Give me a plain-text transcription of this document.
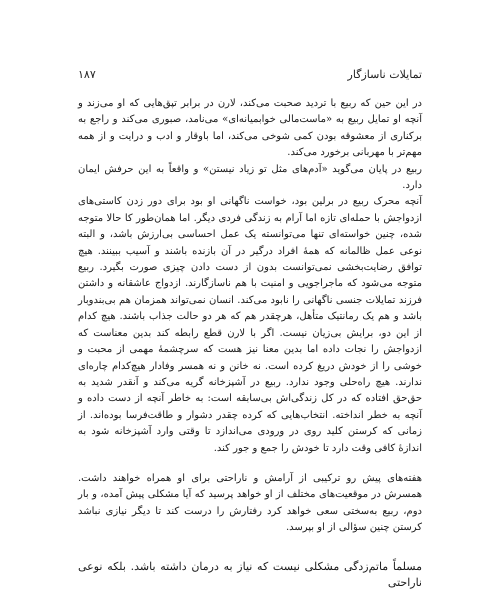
تمایلات ناسازگار
۱۸۷

در این حین که ربیع با تردید صحبت می‌کند، لارن در برابر تپق‌هایی که او می‌زند و آنچه او تمایل ربیع به «ماست‌مالی خوابمیانه‌ای» می‌نامد، صبوری می‌کند و راجع به برکناری از معشوقه بودن کمی شوخی می‌کند، اما باوقار و ادب و درایت و از همه مهم‌تر با مهربانی برخورد می‌کند.

ربیع در پایان می‌گوید «آدم‌های مثل تو زیاد نیستن» و واقعاً به این حرفش ایمان دارد.

آنچه محرک ربیع در برلین بود، خواست ناگهانی او بود برای دور زدن کاستی‌های ازدواجش با حمله‌ای تازه اما آرام به زندگی فردی دیگر. اما همان‌طور کا حالا متوجه شده، چنین خواسته‌ای تنها می‌توانسته یک عمل احساسی بی‌ارزش باشد، و البته نوعی عمل ظالمانه که همهٔ افراد درگیر در آن بازنده باشند و آسیب ببینند. هیچ توافق رضایت‌بخشی نمی‌توانست بدون از دست دادن چیزی صورت بگیرد. ربیع متوجه می‌شود که ماجراجویی و امنیت با هم ناسازگارند. ازدواج عاشقانه و داشتن فرزند تمایلات جنسی ناگهانی را نابود می‌کند. انسان نمی‌تواند همزمان هم بی‌بندوبار باشد و هم یک رمانتیک متأهل، هرچقدر هم که هر دو حالت جذاب باشند. هیچ کدام از این دو، برایش بی‌زیان نیست. اگر با لارن قطع رابطه کند بدین معناست که ازدواجش را نجات داده اما بدین معنا نیز هست که سرچشمهٔ مهمی از محبت و خوشی را از خودش دریغ کرده است. نه خانن و نه همسر وفادار هیچ‌کدام چاره‌ای ندارند. هیچ راه‌حلی وجود ندارد. ربیع در آشپزخانه گریه می‌کند و آنقدر شدید به حق‌حق افتاده که در کل زندگی‌اش بی‌سابقه است: به خاطر آنچه از دست داده و آنچه به خطر انداخته. انتخاب‌هایی که کرده چقدر دشوار و طاقت‌فرسا بوده‌اند. از زمانی که کرستن کلید روی در ورودی می‌اندازد تا وقتی وارد آشپزخانه شود به اندازهٔ کافی وقت دارد تا خودش را جمع و جور کند.

هفته‌های پیش رو ترکیبی از آرامش و ناراحتی برای او همراه خواهند داشت. همسرش در موقعیت‌های مختلف از او خواهد پرسید که آیا مشکلی پیش آمده، و بار دوم، ربیع به‌سختی سعی خواهد کرد رفتارش را درست کند تا دیگر نیازی نباشد کرستن چنین سؤالی از او بپرسد.

مسلماً ماتم‌زدگی مشکلی نیست که نیاز به درمان داشته باشد. بلکه نوعی ناراحتی
